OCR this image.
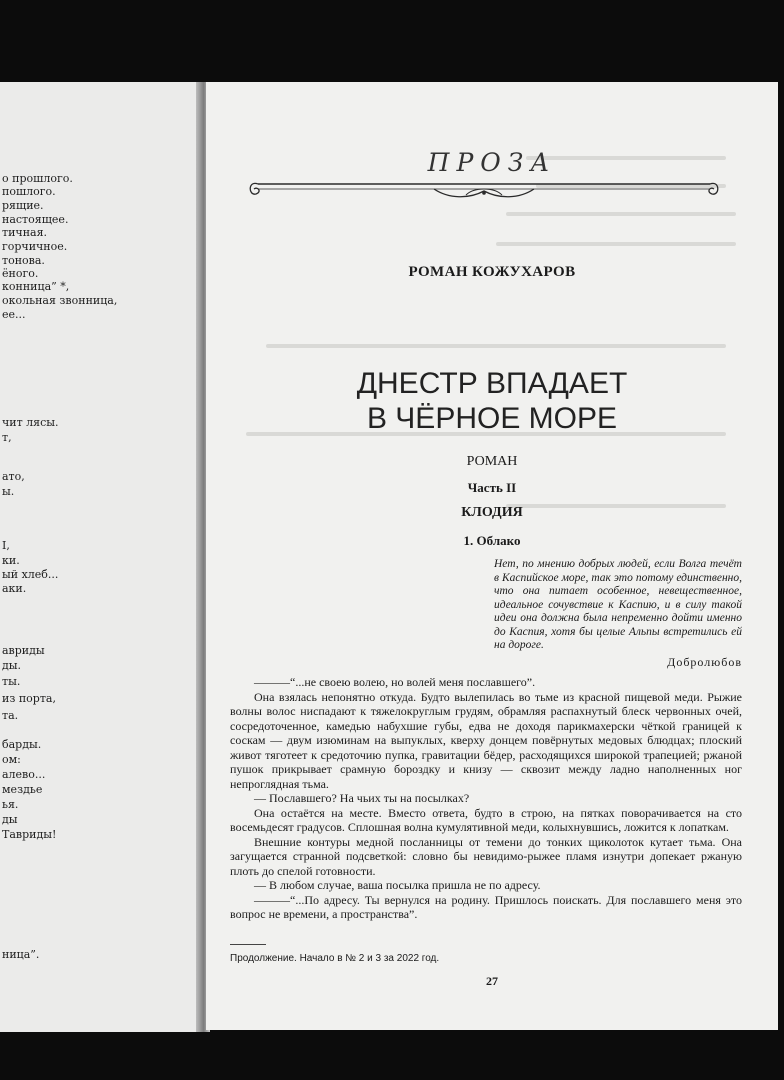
о прошлого.
пошлого.
рящие.
настоящее.
тичная.
горчичное.
тонова.
ёного.
конница” *,
окольная звонница,
ее...
чит лясы.
т,
ато,
ы.
I,
ки.
ый хлеб...
аки.
авриды
ды.
ты.
из порта,
та.
барды.
ом:
алево...
мездье
ья.
ды
Тавриды!
ница”.
ПРОЗА
РОМАН КОЖУХАРОВ
ДНЕСТР ВПАДАЕТ
В ЧЁРНОЕ МОРЕ
РОМАН
Часть II
КЛОДИЯ
1. Облако
Нет, по мнению добрых людей, если Волга течёт в Каспийское море, так это потому единственно, что она питает особенное, невещественное, идеальное сочувствие к Каспию, и в силу такой идеи она должна была непременно дойти именно до Каспия, хотя бы целые Альпы встретились ей на дороге.
Добролюбов

———“...не своею волею, но волей меня пославшего”.

Она взялась непонятно откуда. Будто вылепилась во тьме из красной пищевой меди. Рыжие волны волос ниспадают к тяжелокруглым грудям, обрамляя распахнутый блеск червонных очей, сосредоточенное, камедью набухшие губы, едва не доходя парикмахерски чёткой границей к соскам — двум изюминам на выпуклых, кверху донцем повёрнутых медовых блюдцах; плоский живот тяготеет к средоточию пупка, гравитации бёдер, расходящихся широкой трапецией; ржаной пушок прикрывает срамную бороздку и книзу — сквозит между ладно наполненных ног непроглядная тьма.

— Пославшего? На чьих ты на посылках?

Она остаётся на месте. Вместо ответа, будто в строю, на пятках поворачивается на сто восемьдесят градусов. Сплошная волна кумулятивной меди, колыхнувшись, ложится к лопаткам.

Внешние контуры медной посланницы от темени до тонких щиколоток кутает тьма. Она загущается странной подсветкой: словно бы невидимо-рыжее пламя изнутри допекает ржаную плоть до спелой готовности.

— В любом случае, ваша посылка пришла не по адресу.

———“...По адресу. Ты вернулся на родину. Пришлось поискать. Для пославшего меня это вопрос не времени, а пространства”.

Продолжение. Начало в № 2 и 3 за 2022 год.
27
